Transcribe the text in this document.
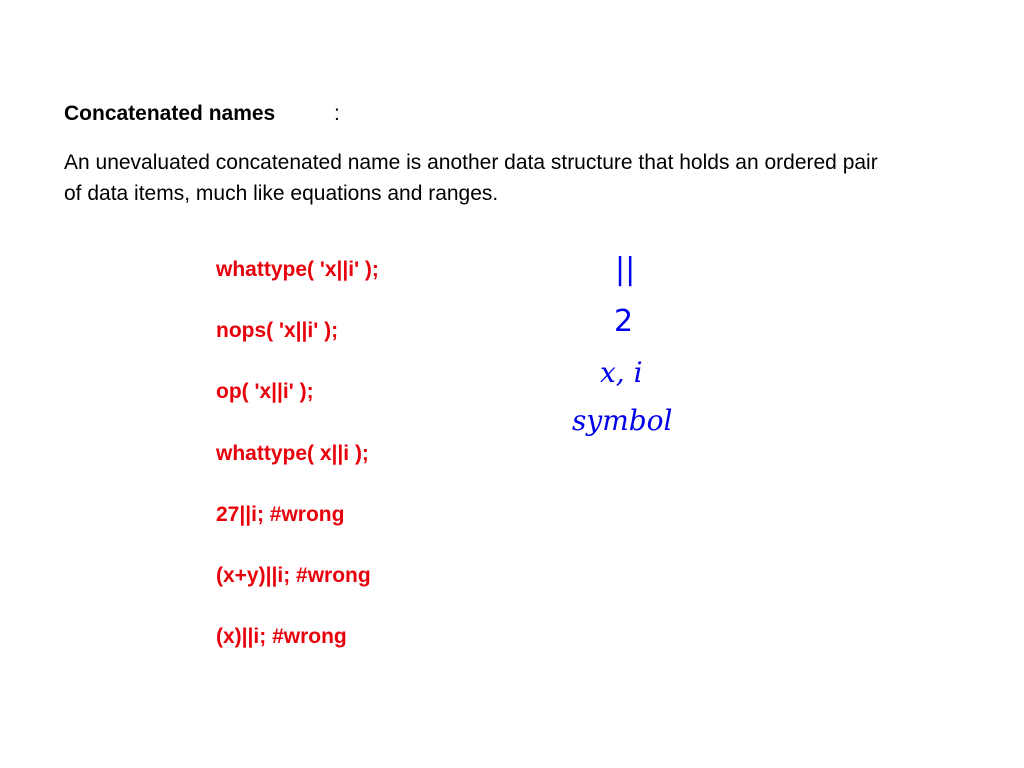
Concatenated names	:
An unevaluated concatenated name is another data structure that holds an ordered pair of data items, much like equations and ranges.
whattype( 'x||i' );
nops( 'x||i' );
op( 'x||i' );
whattype( x||i );
27||i; #wrong
(x+y)||i; #wrong
(x)||i; #wrong
||
2
x, i
symbol
